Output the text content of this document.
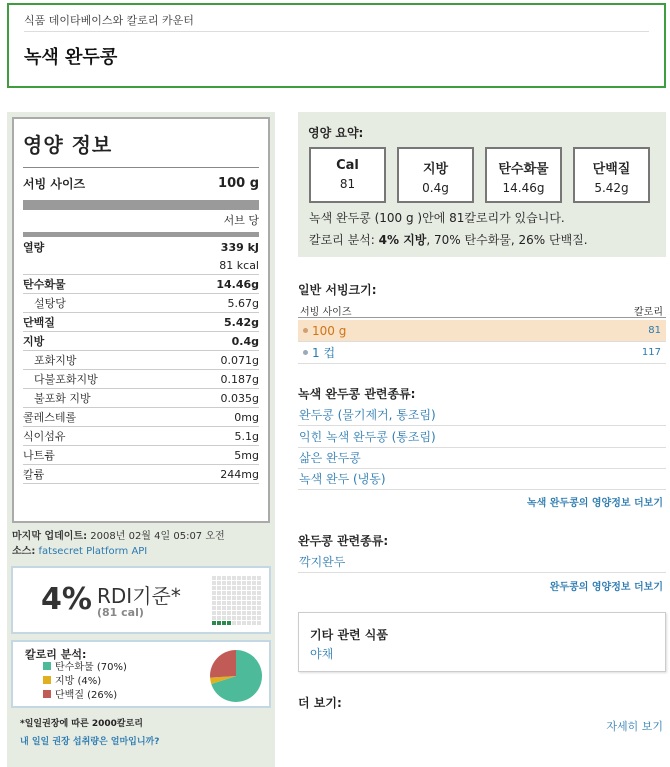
식품 데이타베이스와 칼로리 카운터
녹색 완두콩
영양 정보
서빙 사이즈	100 g
서브 당
열량	339 kJ
81 kcal
탄수화물	14.46g
설탕당	5.67g
단백질	5.42g
지방	0.4g
포화지방	0.071g
다불포화지방	0.187g
불포화 지방	0.035g
콜레스테롤	0mg
식이섬유	5.1g
나트륨	5mg
칼륨	244mg
마지막 업데이트: 2008년 02월 4일 05:07 오전
소스: fatsecret Platform API
4% RDI기준*
(81 cal)
칼로리 분석:
탄수화물 (70%)
지방 (4%)
단백질 (26%)
*일일권장에 따른 2000칼로리
내 일일 권장 섭취량은 얼마입니까?
영양 요약:
Cal
81
지방
0.4g
탄수화물
14.46g
단백질
5.42g
녹색 완두콩 (100 g )안에 81칼로리가 있습니다.
칼로리 분석: 4% 지방, 70% 탄수화물, 26% 단백질.
일반 서빙크기:
서빙 사이즈	칼로리
100 g	81
1 컵	117
녹색 완두콩 관련종류:
완두콩 (물기제거, 통조림)
익힌 녹색 완두콩 (통조림)
삶은 완두콩
녹색 완두 (냉동)
녹색 완두콩의 영양정보 더보기
완두콩 관련종류:
깍지완두
완두콩의 영양정보 더보기
기타 관련 식품
야채
더 보기:
자세히 보기
